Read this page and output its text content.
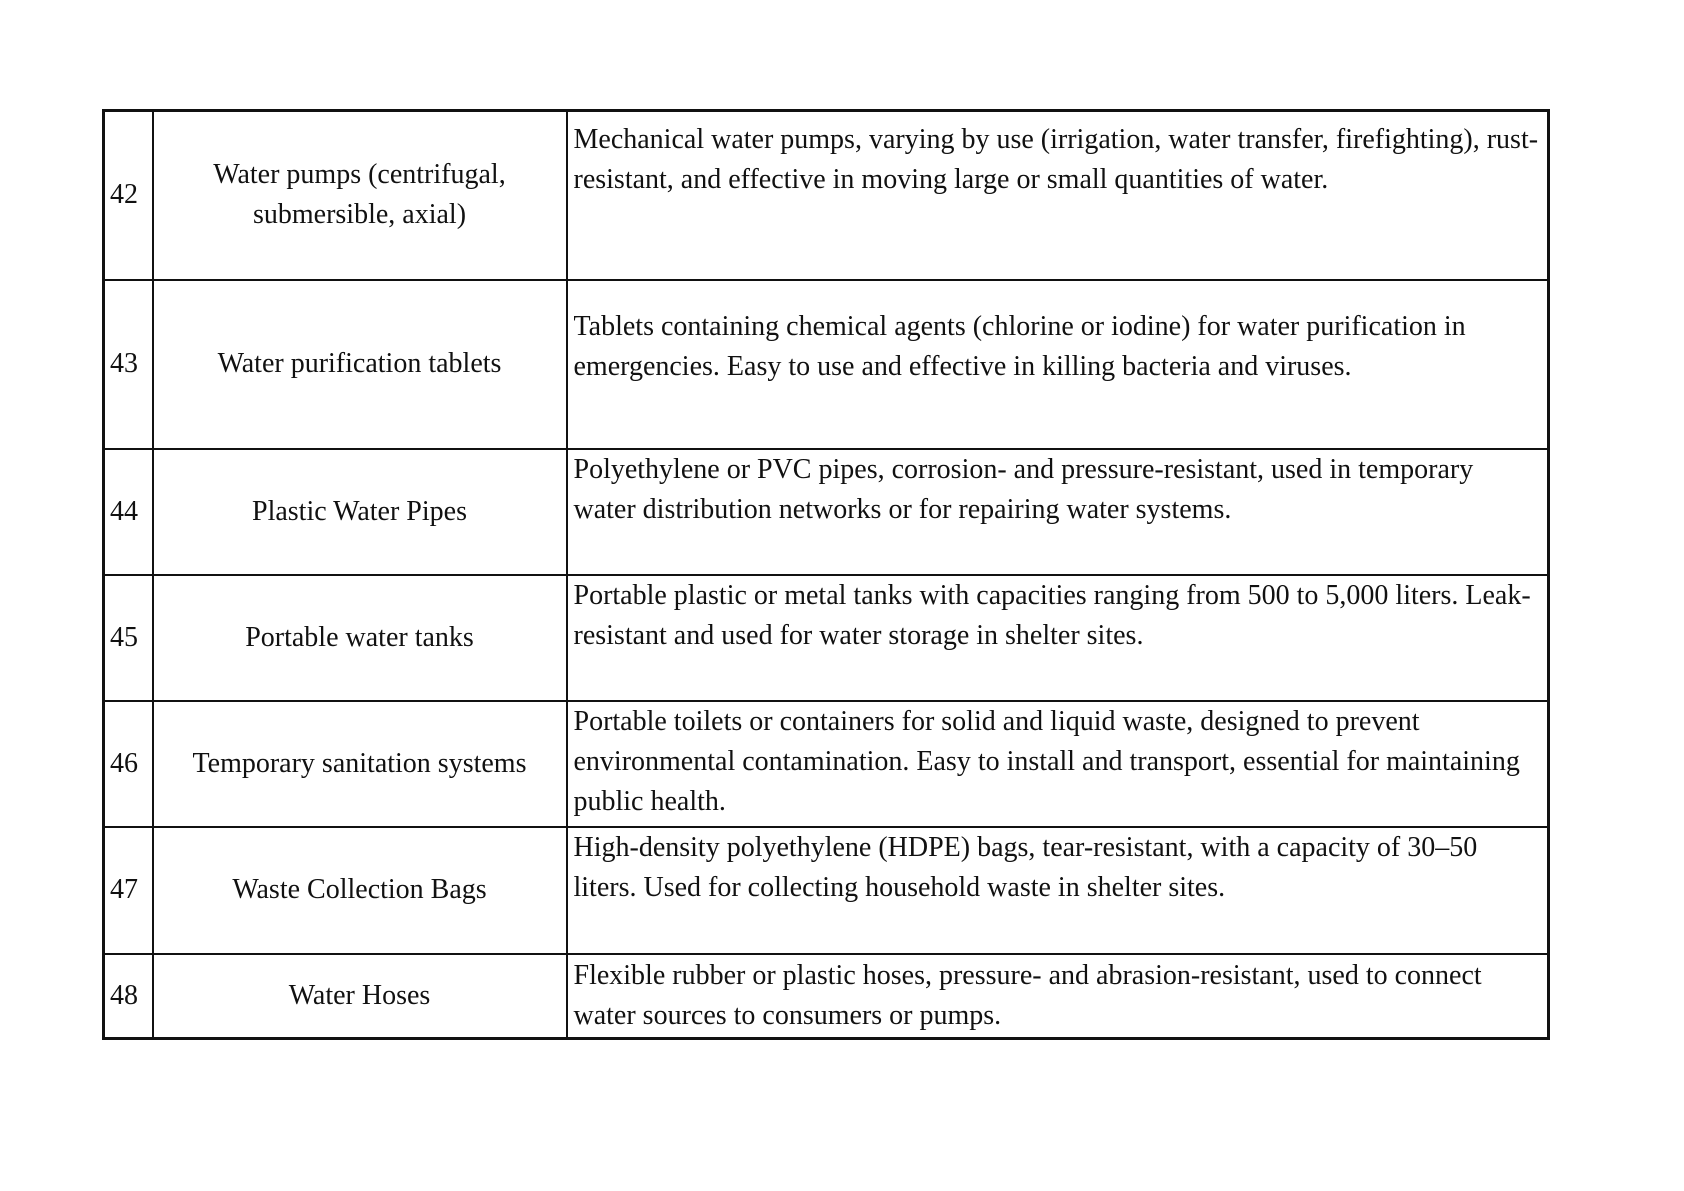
42	Water pumps (centrifugal, submersible, axial)	Mechanical water pumps, varying by use (irrigation, water transfer, firefighting), rust-resistant, and effective in moving large or small quantities of water.
43	Water purification tablets	Tablets containing chemical agents (chlorine or iodine) for water purification in emergencies. Easy to use and effective in killing bacteria and viruses.
44	Plastic Water Pipes	Polyethylene or PVC pipes, corrosion- and pressure-resistant, used in temporary water distribution networks or for repairing water systems.
45	Portable water tanks	Portable plastic or metal tanks with capacities ranging from 500 to 5,000 liters. Leak-resistant and used for water storage in shelter sites.
46	Temporary sanitation systems	Portable toilets or containers for solid and liquid waste, designed to prevent environmental contamination. Easy to install and transport, essential for maintaining public health.
47	Waste Collection Bags	High-density polyethylene (HDPE) bags, tear-resistant, with a capacity of 30–50 liters. Used for collecting household waste in shelter sites.
48	Water Hoses	Flexible rubber or plastic hoses, pressure- and abrasion-resistant, used to connect water sources to consumers or pumps.
